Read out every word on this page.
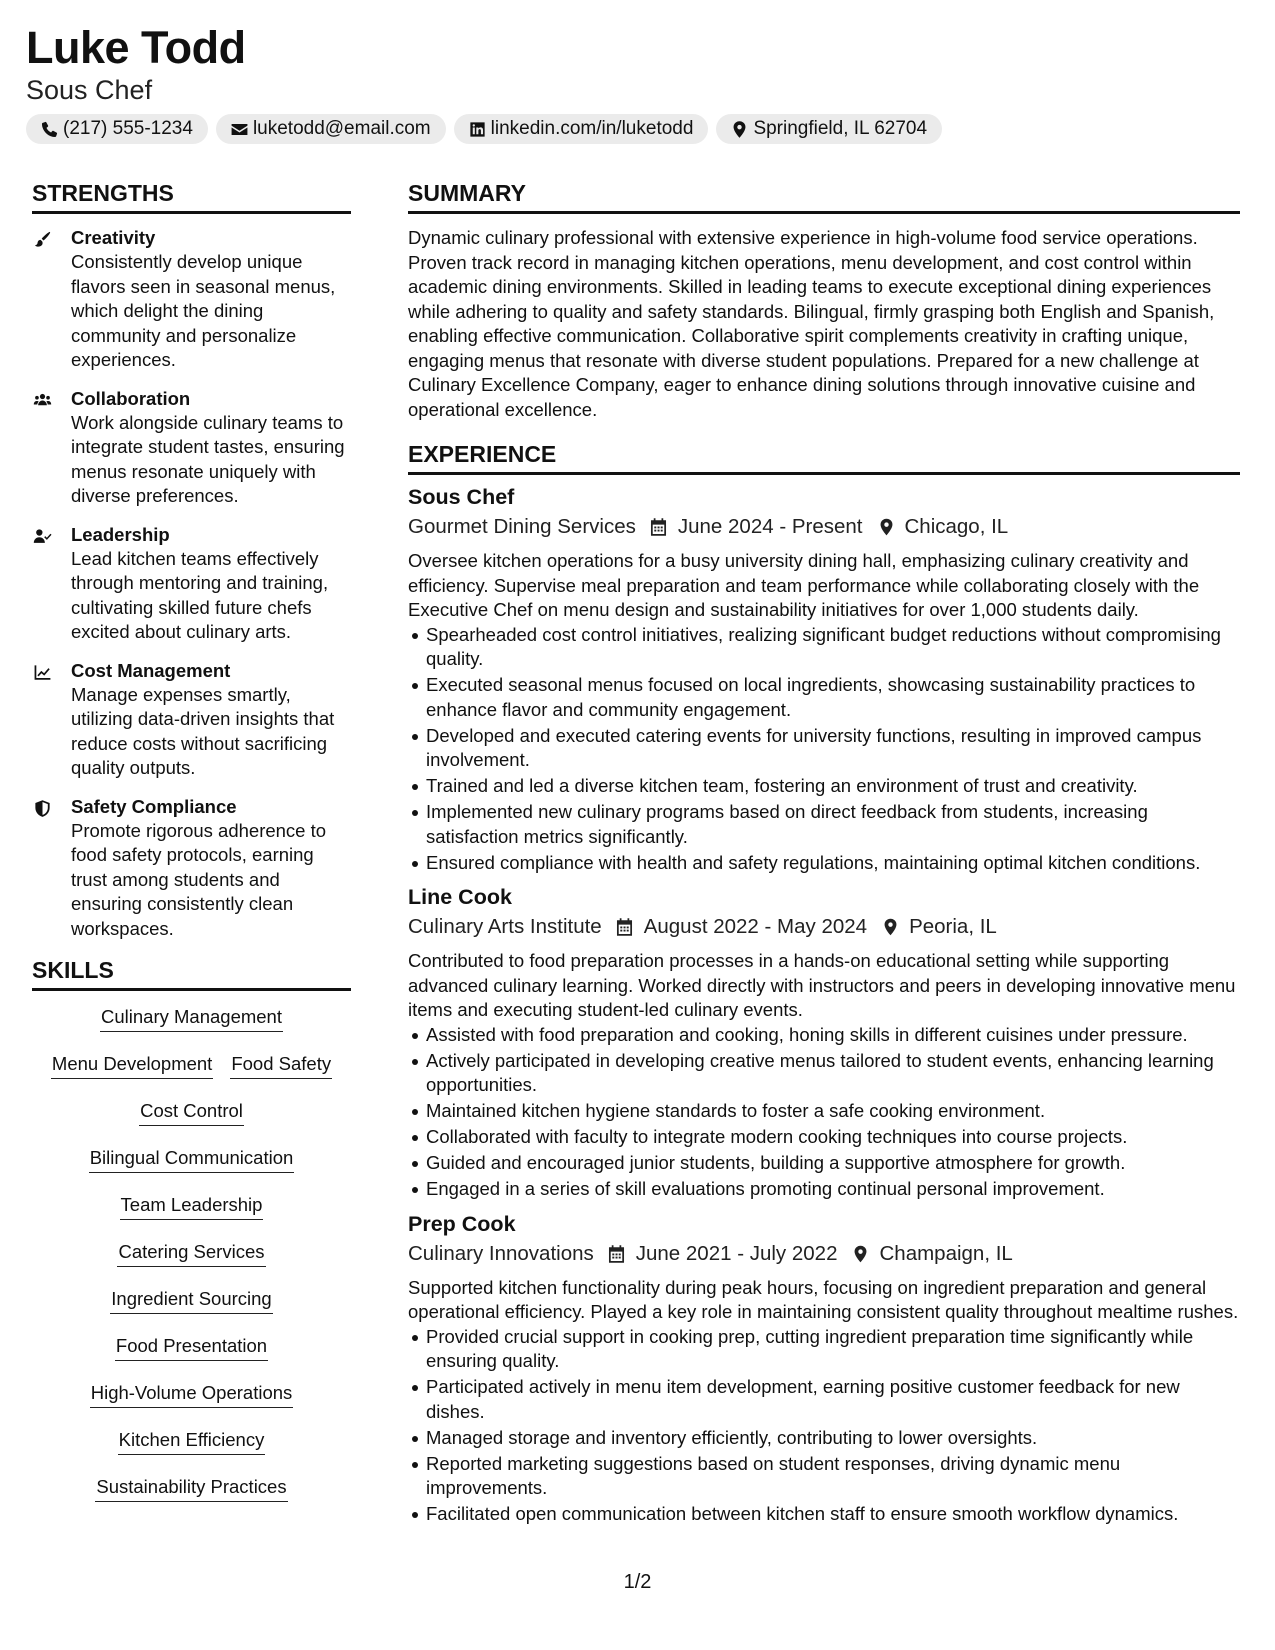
Luke Todd

Sous Chef

(217) 555-1234	luketodd@email.com	linkedin.com/in/luketodd	Springfield, IL 62704
STRENGTHS

Creativity

Consistently develop unique flavors seen in seasonal menus, which delight the dining community and personalize experiences.

Collaboration

Work alongside culinary teams to integrate student tastes, ensuring menus resonate uniquely with diverse preferences.

Leadership

Lead kitchen teams effectively through mentoring and training, cultivating skilled future chefs excited about culinary arts.

Cost Management

Manage expenses smartly, utilizing data-driven insights that reduce costs without sacrificing quality outputs.

Safety Compliance

Promote rigorous adherence to food safety protocols, earning trust among students and ensuring consistently clean workspaces.

SKILLS
Culinary Management
Menu Development Food Safety
Cost Control
Bilingual Communication
Team Leadership
Catering Services
Ingredient Sourcing
Food Presentation
High-Volume Operations
Kitchen Efficiency
Sustainability Practices
SUMMARY

Dynamic culinary professional with extensive experience in high-volume food service operations. Proven track record in managing kitchen operations, menu development, and cost control within academic dining environments. Skilled in leading teams to execute exceptional dining experiences while adhering to quality and safety standards. Bilingual, firmly grasping both English and Spanish, enabling effective communication. Collaborative spirit complements creativity in crafting unique, engaging menus that resonate with diverse student populations. Prepared for a new challenge at Culinary Excellence Company, eager to enhance dining solutions through innovative cuisine and operational excellence.

EXPERIENCE

Sous Chef

Gourmet Dining Services June 2024 - Present Chicago, IL

Oversee kitchen operations for a busy university dining hall, emphasizing culinary creativity and efficiency. Supervise meal preparation and team performance while collaborating closely with the Executive Chef on menu design and sustainability initiatives for over 1,000 students daily.

Spearheaded cost control initiatives, realizing significant budget reductions without compromising quality.
Executed seasonal menus focused on local ingredients, showcasing sustainability practices to enhance flavor and community engagement.
Developed and executed catering events for university functions, resulting in improved campus involvement.
Trained and led a diverse kitchen team, fostering an environment of trust and creativity.
Implemented new culinary programs based on direct feedback from students, increasing satisfaction metrics significantly.
Ensured compliance with health and safety regulations, maintaining optimal kitchen conditions.

Line Cook

Culinary Arts Institute August 2022 - May 2024 Peoria, IL

Contributed to food preparation processes in a hands-on educational setting while supporting advanced culinary learning. Worked directly with instructors and peers in developing innovative menu items and executing student-led culinary events.

Assisted with food preparation and cooking, honing skills in different cuisines under pressure.
Actively participated in developing creative menus tailored to student events, enhancing learning opportunities.
Maintained kitchen hygiene standards to foster a safe cooking environment.
Collaborated with faculty to integrate modern cooking techniques into course projects.
Guided and encouraged junior students, building a supportive atmosphere for growth.
Engaged in a series of skill evaluations promoting continual personal improvement.

Prep Cook

Culinary Innovations June 2021 - July 2022 Champaign, IL

Supported kitchen functionality during peak hours, focusing on ingredient preparation and general operational efficiency. Played a key role in maintaining consistent quality throughout mealtime rushes.

Provided crucial support in cooking prep, cutting ingredient preparation time significantly while ensuring quality.
Participated actively in menu item development, earning positive customer feedback for new dishes.
Managed storage and inventory efficiently, contributing to lower oversights.
Reported marketing suggestions based on student responses, driving dynamic menu improvements.
Facilitated open communication between kitchen staff to ensure smooth workflow dynamics.
1/2
